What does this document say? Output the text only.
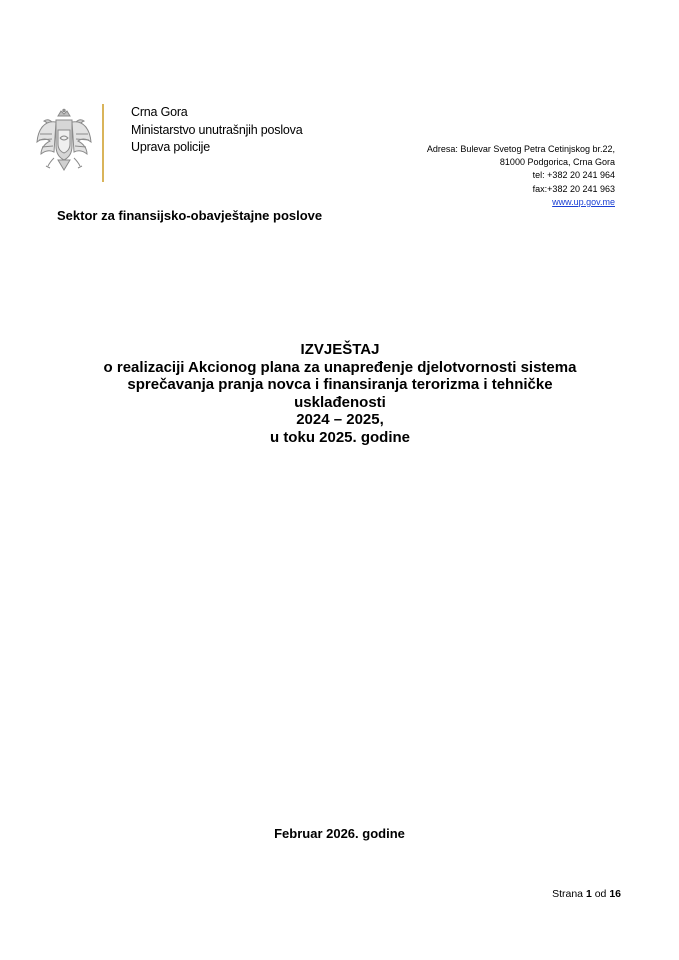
Crna Gora
Ministarstvo unutrašnjih poslova
Uprava policije	Adresa: Bulevar Svetog Petra Cetinjskog br.22,
81000 Podgorica, Crna Gora
tel: +382 20 241 964
fax:+382 20 241 963
www.up.gov.me
Sektor za finansijsko-obavještajne poslove
IZVJEŠTAJ
o realizaciji Akcionog plana za unapređenje djelotvornosti sistema
sprečavanja pranja novca i finansiranja terorizma i tehničke
usklađenosti
2024 – 2025,
u toku 2025. godine
Februar 2026. godine
Strana 1 od 16
